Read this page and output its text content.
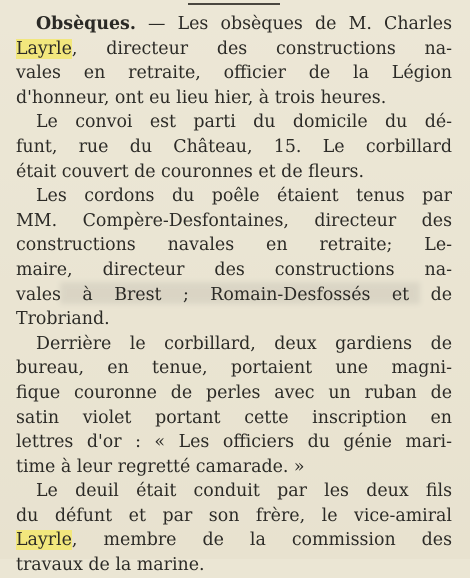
Obsèques. — Les obsèques de M. Charles
Layrle, directeur des constructions na-
vales en retraite, officier de la Légion
d'honneur, ont eu lieu hier, à trois heures.
Le convoi est parti du domicile du dé-
funt, rue du Château, 15. Le corbillard
était couvert de couronnes et de fleurs.
Les cordons du poêle étaient tenus par
MM. Compère-Desfontaines, directeur des
constructions navales en retraite; Le-
maire, directeur des constructions na-
vales à Brest ; Romain-Desfossés et de
Trobriand.
Derrière le corbillard, deux gardiens de
bureau, en tenue, portaient une magni-
fique couronne de perles avec un ruban de
satin violet portant cette inscription en
lettres d'or : « Les officiers du génie mari-
time à leur regretté camarade. »
Le deuil était conduit par les deux fils
du défunt et par son frère, le vice-amiral
Layrle, membre de la commission des
travaux de la marine.
